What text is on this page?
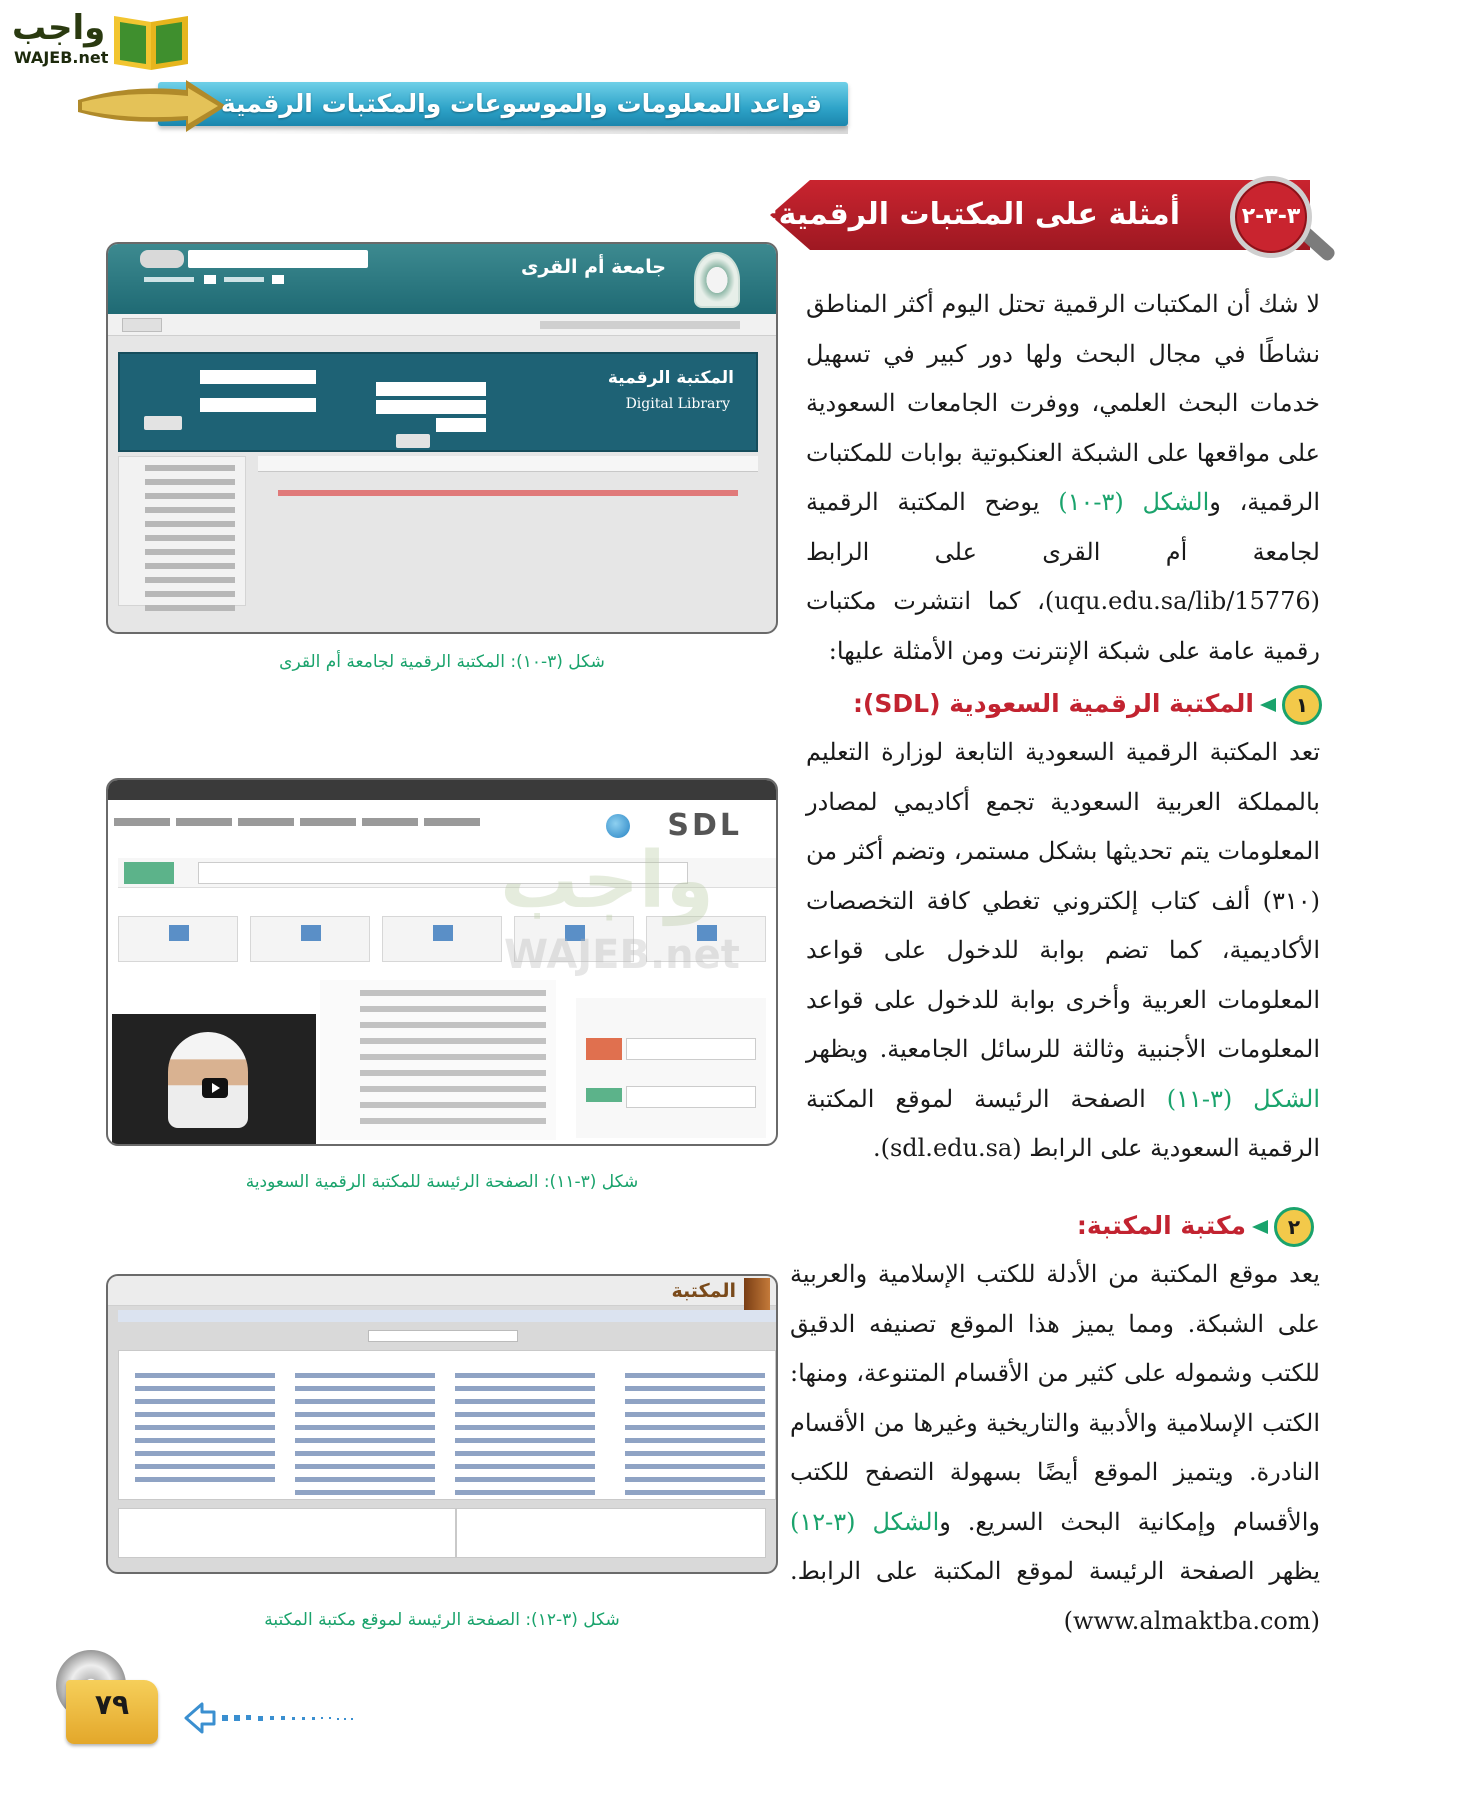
واجب
WAJEB.net
قواعد المعلومات والموسوعات والمكتبات الرقمية
أمثلة على المكتبات الرقمية:	٣-٣-٢
لا شك أن المكتبات الرقمية تحتل اليوم أكثر المناطق نشاطًا في مجال البحث ولها دور كبير في تسهيل خدمات البحث العلمي، ووفرت الجامعات السعودية على مواقعها على الشبكة العنكبوتية بوابات للمكتبات الرقمية، والشكل (٣-١٠) يوضح المكتبة الرقمية لجامعة أم القرى على الرابط (uqu.edu.sa/lib/15776)، كما انتشرت مكتبات رقمية عامة على شبكة الإنترنت ومن الأمثلة عليها:
١المكتبة الرقمية السعودية (SDL):
تعد المكتبة الرقمية السعودية التابعة لوزارة التعليم بالمملكة العربية السعودية تجمع أكاديمي لمصادر المعلومات يتم تحديثها بشكل مستمر، وتضم أكثر من (٣١٠) ألف كتاب إلكتروني تغطي كافة التخصصات الأكاديمية، كما تضم بوابة للدخول على قواعد المعلومات العربية وأخرى بوابة للدخول على قواعد المعلومات الأجنبية وثالثة للرسائل الجامعية. ويظهر الشكل (٣-١١) الصفحة الرئيسة لموقع المكتبة الرقمية السعودية على الرابط (sdl.edu.sa).
٢مكتبة المكتبة:
يعد موقع المكتبة من الأدلة للكتب الإسلامية والعربية على الشبكة. ومما يميز هذا الموقع تصنيفه الدقيق للكتب وشموله على كثير من الأقسام المتنوعة، ومنها: الكتب الإسلامية والأدبية والتاريخية وغيرها من الأقسام النادرة. ويتميز الموقع أيضًا بسهولة التصفح للكتب والأقسام وإمكانية البحث السريع. والشكل (٣-١٢) يظهر الصفحة الرئيسة لموقع المكتبة على الرابط. (www.almaktba.com)
جامعة أم القرى
المكتبة الرقمية
Digital Library
شكل (٣-١٠): المكتبة الرقمية لجامعة أم القرى
SDL
شكل (٣-١١): الصفحة الرئيسة للمكتبة الرقمية السعودية
واجب
WAJEB.net
المكتبة
شكل (٣-١٢): الصفحة الرئيسة لموقع مكتبة المكتبة
٧٩
